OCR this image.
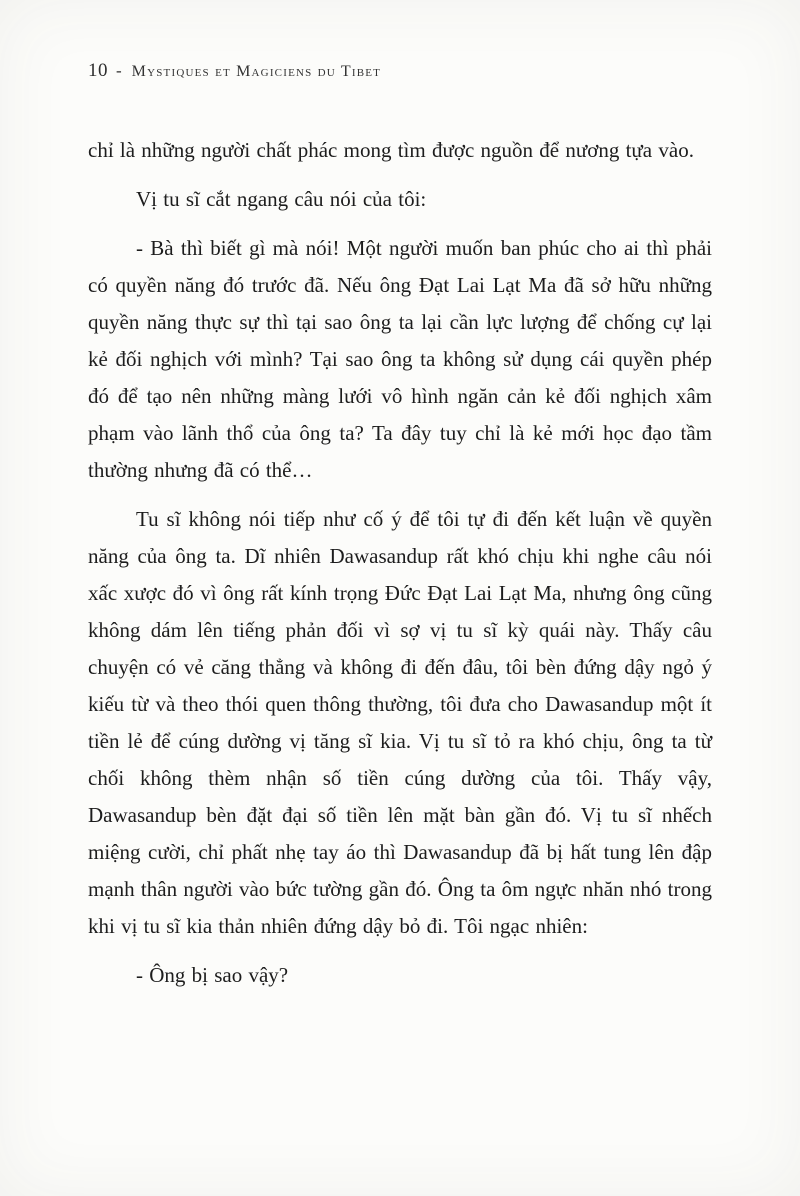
10 - Mystiques et Magiciens du Tibet

chỉ là những người chất phác mong tìm được nguồn để nương tựa vào.

Vị tu sĩ cắt ngang câu nói của tôi:

- Bà thì biết gì mà nói! Một người muốn ban phúc cho ai thì phải có quyền năng đó trước đã. Nếu ông Đạt Lai Lạt Ma đã sở hữu những quyền năng thực sự thì tại sao ông ta lại cần lực lượng để chống cự lại kẻ đối nghịch với mình? Tại sao ông ta không sử dụng cái quyền phép đó để tạo nên những màng lưới vô hình ngăn cản kẻ đối nghịch xâm phạm vào lãnh thổ của ông ta? Ta đây tuy chỉ là kẻ mới học đạo tầm thường nhưng đã có thể…

Tu sĩ không nói tiếp như cố ý để tôi tự đi đến kết luận về quyền năng của ông ta. Dĩ nhiên Dawasandup rất khó chịu khi nghe câu nói xấc xược đó vì ông rất kính trọng Đức Đạt Lai Lạt Ma, nhưng ông cũng không dám lên tiếng phản đối vì sợ vị tu sĩ kỳ quái này. Thấy câu chuyện có vẻ căng thẳng và không đi đến đâu, tôi bèn đứng dậy ngỏ ý kiếu từ và theo thói quen thông thường, tôi đưa cho Dawasandup một ít tiền lẻ để cúng dường vị tăng sĩ kia. Vị tu sĩ tỏ ra khó chịu, ông ta từ chối không thèm nhận số tiền cúng dường của tôi. Thấy vậy, Dawasandup bèn đặt đại số tiền lên mặt bàn gần đó. Vị tu sĩ nhếch miệng cười, chỉ phất nhẹ tay áo thì Dawasandup đã bị hất tung lên đập mạnh thân người vào bức tường gần đó. Ông ta ôm ngực nhăn nhó trong khi vị tu sĩ kia thản nhiên đứng dậy bỏ đi. Tôi ngạc nhiên:

- Ông bị sao vậy?
